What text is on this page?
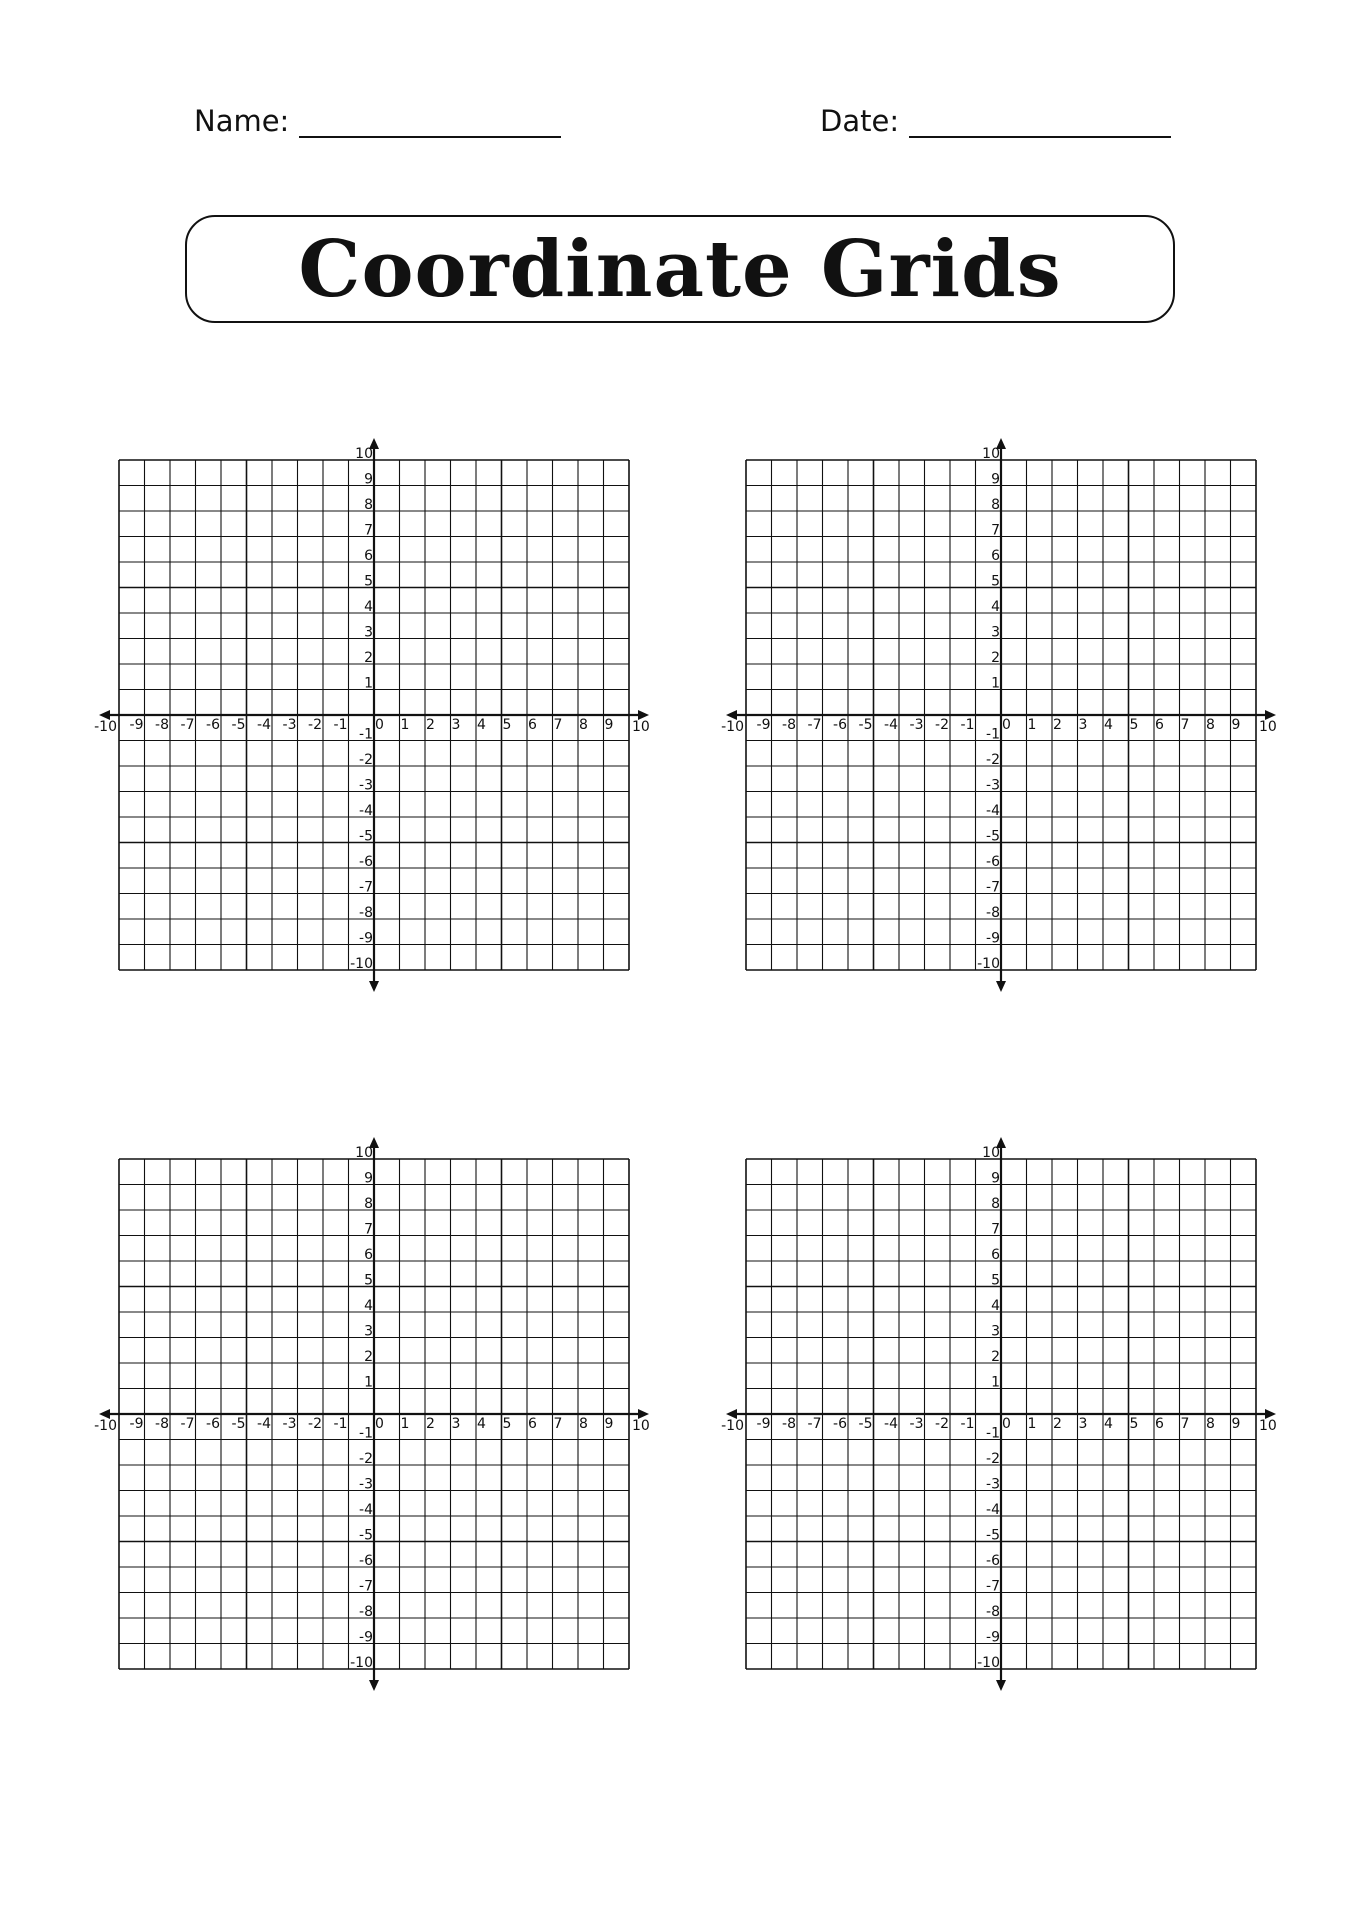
Name:	Date:
Coordinate Grids
-10 -9 -8 -7 -6 -5 -4 -3 -2 -1 0 1 2 3 4 5 6 7 8 9 10
10
9
8
7
6
5
4
3
2
1
-1
-2
-3
-4
-5
-6
-7
-8
-9
-10
-10 -9 -8 -7 -6 -5 -4 -3 -2 -1 0 1 2 3 4 5 6 7 8 9 10
10
9
8
7
6
5
4
3
2
1
-1
-2
-3
-4
-5
-6
-7
-8
-9
-10
-10 -9 -8 -7 -6 -5 -4 -3 -2 -1 0 1 2 3 4 5 6 7 8 9 10
10
9
8
7
6
5
4
3
2
1
-1
-2
-3
-4
-5
-6
-7
-8
-9
-10
-10 -9 -8 -7 -6 -5 -4 -3 -2 -1 0 1 2 3 4 5 6 7 8 9 10
10
9
8
7
6
5
4
3
2
1
-1
-2
-3
-4
-5
-6
-7
-8
-9
-10
